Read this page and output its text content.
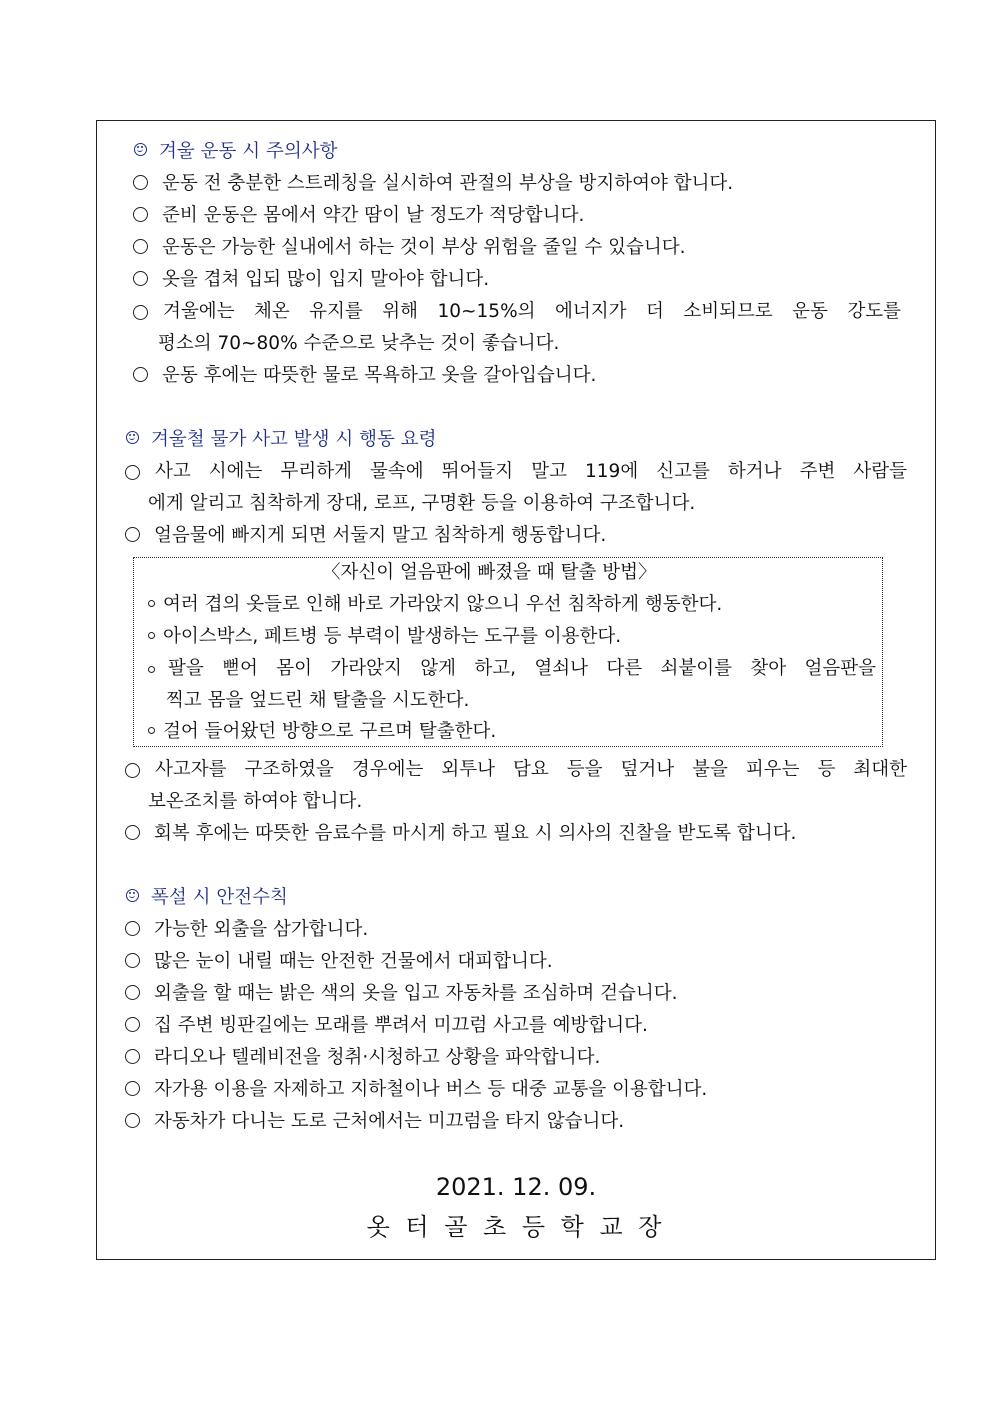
겨울 운동 시 주의사항
운동 전 충분한 스트레칭을 실시하여 관절의 부상을 방지하여야 합니다.
준비 운동은 몸에서 약간 땀이 날 정도가 적당합니다.
운동은 가능한 실내에서 하는 것이 부상 위험을 줄일 수 있습니다.
옷을 겹쳐 입되 많이 입지 말아야 합니다.
겨울에는 체온 유지를 위해 10~15%의 에너지가 더 소비되므로 운동 강도를
평소의 70~80% 수준으로 낮추는 것이 좋습니다.
운동 후에는 따뜻한 물로 목욕하고 옷을 갈아입습니다.
겨울철 물가 사고 발생 시 행동 요령
사고 시에는 무리하게 물속에 뛰어들지 말고 119에 신고를 하거나 주변 사람들
에게 알리고 침착하게 장대, 로프, 구명환 등을 이용하여 구조합니다.
얼음물에 빠지게 되면 서둘지 말고 침착하게 행동합니다.
〈자신이 얼음판에 빠졌을 때 탈출 방법〉
여러 겹의 옷들로 인해 바로 가라앉지 않으니 우선 침착하게 행동한다.
아이스박스, 페트병 등 부력이 발생하는 도구를 이용한다.
팔을 뻗어 몸이 가라앉지 않게 하고, 열쇠나 다른 쇠붙이를 찾아 얼음판을
찍고 몸을 엎드린 채 탈출을 시도한다.
걸어 들어왔던 방향으로 구르며 탈출한다.
사고자를 구조하였을 경우에는 외투나 담요 등을 덮거나 불을 피우는 등 최대한
보온조치를 하여야 합니다.
회복 후에는 따뜻한 음료수를 마시게 하고 필요 시 의사의 진찰을 받도록 합니다.
폭설 시 안전수칙
가능한 외출을 삼가합니다.
많은 눈이 내릴 때는 안전한 건물에서 대피합니다.
외출을 할 때는 밝은 색의 옷을 입고 자동차를 조심하며 걷습니다.
집 주변 빙판길에는 모래를 뿌려서 미끄럼 사고를 예방합니다.
라디오나 텔레비전을 청취·시청하고 상황을 파악합니다.
자가용 이용을 자제하고 지하철이나 버스 등 대중 교통을 이용합니다.
자동차가 다니는 도로 근처에서는 미끄럼을 타지 않습니다.
2021. 12. 09.
옷 터 골 초 등 학 교 장
